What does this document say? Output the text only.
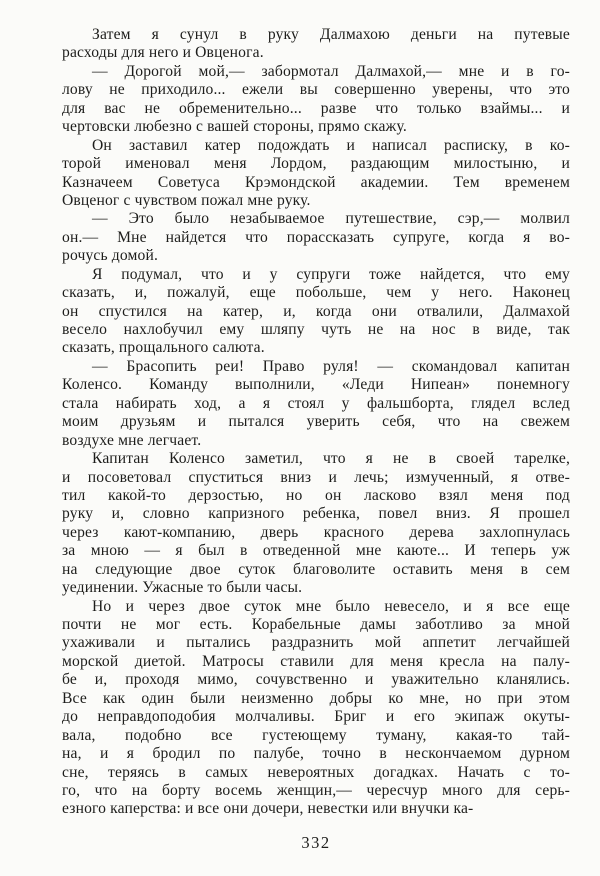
Затем я сунул в руку Далмахою деньги на путевые
расходы для него и Овценога.
— Дорогой мой,— забормотал Далмахой,— мне и в го-
лову не приходило... ежели вы совершенно уверены, что это
для вас не обременительно... разве что только взаймы... и
чертовски любезно с вашей стороны, прямо скажу.
Он заставил катер подождать и написал расписку, в ко-
торой именовал меня Лордом, раздающим милостыню, и
Казначеем Советуса Крэмондской академии. Тем временем
Овценог с чувством пожал мне руку.
— Это было незабываемое путешествие, сэр,— молвил
он.— Мне найдется что порассказать супруге, когда я во-
рочусь домой.
Я подумал, что и у супруги тоже найдется, что ему
сказать, и, пожалуй, еще побольше, чем у него. Наконец
он спустился на катер, и, когда они отвалили, Далмахой
весело нахлобучил ему шляпу чуть не на нос в виде, так
сказать, прощального салюта.
— Брасопить реи! Право руля! — скомандовал капитан
Коленсо. Команду выполнили, «Леди Нипеан» понемногу
стала набирать ход, а я стоял у фальшборта, глядел вслед
моим друзьям и пытался уверить себя, что на свежем
воздухе мне легчает.
Капитан Коленсо заметил, что я не в своей тарелке,
и посоветовал спуститься вниз и лечь; измученный, я отве-
тил какой-то дерзостью, но он ласково взял меня под
руку и, словно капризного ребенка, повел вниз. Я прошел
через кают-компанию, дверь красного дерева захлопнулась
за мною — я был в отведенной мне каюте... И теперь уж
на следующие двое суток благоволите оставить меня в сем
уединении. Ужасные то были часы.
Но и через двое суток мне было невесело, и я все еще
почти не мог есть. Корабельные дамы заботливо за мной
ухаживали и пытались раздразнить мой аппетит легчайшей
морской диетой. Матросы ставили для меня кресла на палу-
бе и, проходя мимо, сочувственно и уважительно кланялись.
Все как один были неизменно добры ко мне, но при этом
до неправдоподобия молчаливы. Бриг и его экипаж окуты-
вала, подобно все густеющему туману, какая-то тай-
на, и я бродил по палубе, точно в нескончаемом дурном
сне, теряясь в самых невероятных догадках. Начать с то-
го, что на борту восемь женщин,— чересчур много для серь-
езного каперства: и все они дочери, невестки или внучки ка-
332
